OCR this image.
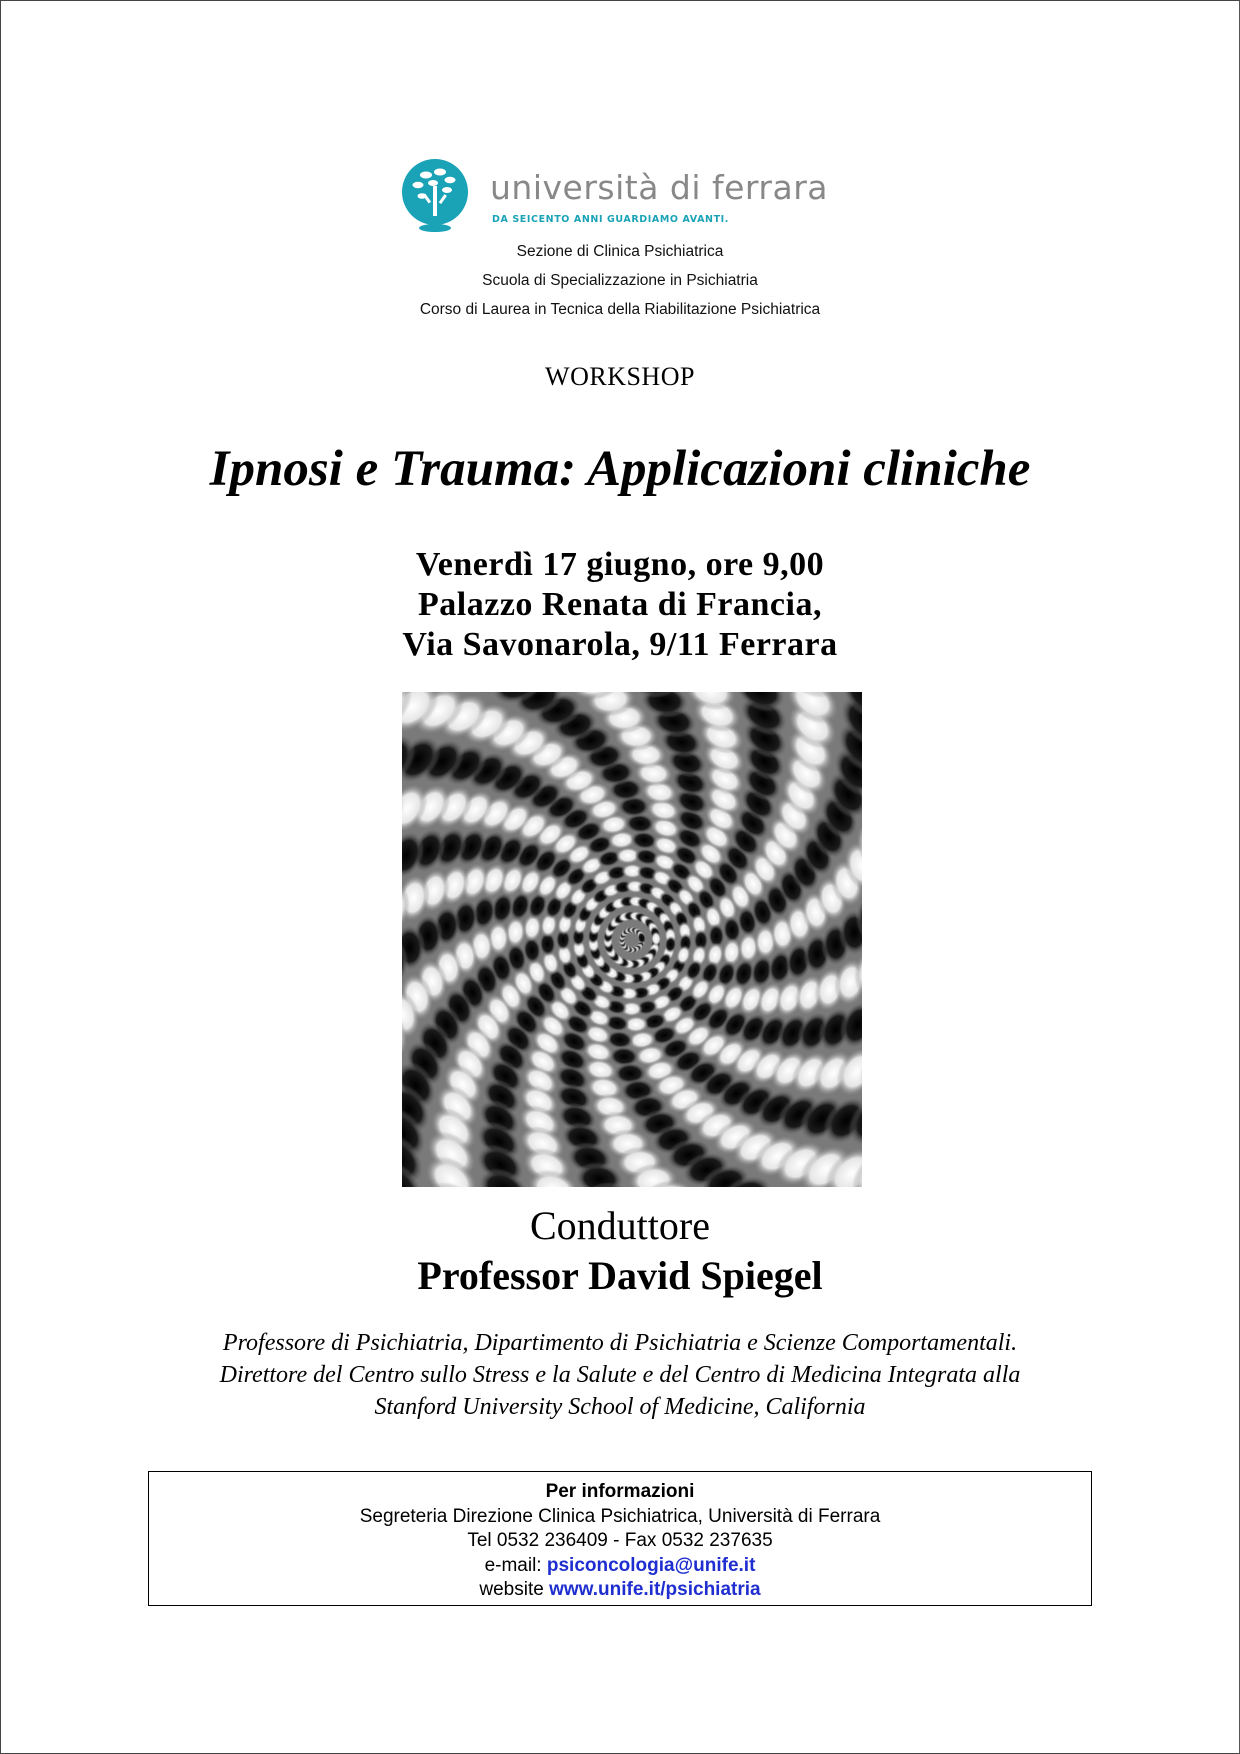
università di ferrara
DA SEICENTO ANNI GUARDIAMO AVANTI.
Sezione di Clinica Psichiatrica
Scuola di Specializzazione in Psichiatria
Corso di Laurea in Tecnica della Riabilitazione Psichiatrica
WORKSHOP
Ipnosi e Trauma: Applicazioni cliniche
Venerdì 17 giugno, ore 9,00
Palazzo Renata di Francia,
Via Savonarola, 9/11 Ferrara
Conduttore
Professor David Spiegel
Professore di Psichiatria, Dipartimento di Psichiatria e Scienze Comportamentali.
Direttore del Centro sullo Stress e la Salute e del Centro di Medicina Integrata alla
Stanford University School of Medicine, California
Per informazioni
Segreteria Direzione Clinica Psichiatrica, Università di Ferrara
Tel 0532 236409 - Fax 0532 237635
e-mail: psiconcologia@unife.it
website www.unife.it/psichiatria
